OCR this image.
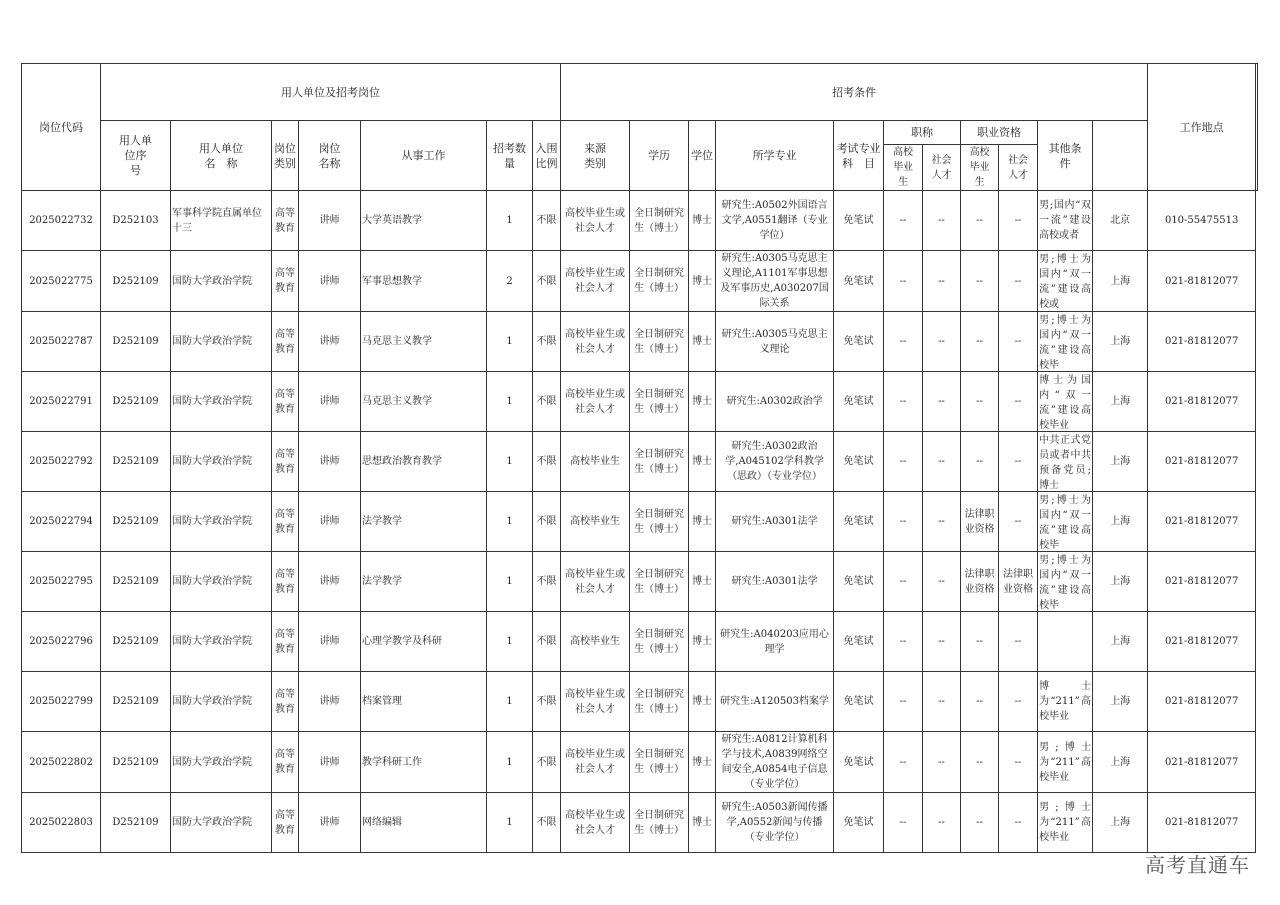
岗位代码	用人单位及招考岗位							招考条件											工作地点	
	用人单位序　号	用人单位名　称	岗位类别	岗位名称	从事工作	招考数量	入围比例	来源类别	学历	学位	所学专业	考试专业科　目	职称		职业资格		其他条件			
													高校毕业生	社会人才	高校毕业生	社会人才				
2025022732	D252103	军事科学院直属单位十三	高等教育	讲师	大学英语教学	1	不限	高校毕业生或社会人才	全日制研究生（博士）	博士	研究生:A0502外国语言文学,A0551翻译（专业学位）	免笔试	--	--	--	--	男;国内“双一流”建设高校或者	北京	010-55475513	
2025022775	D252109	国防大学政治学院	高等教育	讲师	军事思想教学	2	不限	高校毕业生或社会人才	全日制研究生（博士）	博士	研究生:A0305马克思主义理论,A1101军事思想及军事历史,A030207国际关系	免笔试	--	--	--	--	男;博士为国内“双一流”建设高校或	上海	021-81812077	
2025022787	D252109	国防大学政治学院	高等教育	讲师	马克思主义教学	1	不限	高校毕业生或社会人才	全日制研究生（博士）	博士	研究生:A0305马克思主义理论	免笔试	--	--	--	--	男;博士为国内“双一流”建设高校毕	上海	021-81812077	
2025022791	D252109	国防大学政治学院	高等教育	讲师	马克思主义教学	1	不限	高校毕业生或社会人才	全日制研究生（博士）	博士	研究生:A0302政治学	免笔试	--	--	--	--	博士为国内“双一流”建设高校毕业	上海	021-81812077	
2025022792	D252109	国防大学政治学院	高等教育	讲师	思想政治教育教学	1	不限	高校毕业生	全日制研究生（博士）	博士	研究生:A0302政治学,A045102学科教学（思政）（专业学位）	免笔试	--	--	--	--	中共正式党员或者中共预备党员;博士	上海	021-81812077	
2025022794	D252109	国防大学政治学院	高等教育	讲师	法学教学	1	不限	高校毕业生	全日制研究生（博士）	博士	研究生:A0301法学	免笔试	--	--	法律职业资格	--	男;博士为国内“双一流”建设高校毕	上海	021-81812077	
2025022795	D252109	国防大学政治学院	高等教育	讲师	法学教学	1	不限	高校毕业生或社会人才	全日制研究生（博士）	博士	研究生:A0301法学	免笔试	--	--	法律职业资格	法律职业资格	男;博士为国内“双一流”建设高校毕	上海	021-81812077	
2025022796	D252109	国防大学政治学院	高等教育	讲师	心理学教学及科研	1	不限	高校毕业生	全日制研究生（博士）	博士	研究生:A040203应用心理学	免笔试	--	--	--	--		上海	021-81812077	
2025022799	D252109	国防大学政治学院	高等教育	讲师	档案管理	1	不限	高校毕业生或社会人才	全日制研究生（博士）	博士	研究生:A120503档案学	免笔试	--	--	--	--	博士为“211”高校毕业	上海	021-81812077	
2025022802	D252109	国防大学政治学院	高等教育	讲师	教学科研工作	1	不限	高校毕业生或社会人才	全日制研究生（博士）	博士	研究生:A0812计算机科学与技术,A0839网络空间安全,A0854电子信息（专业学位）	免笔试	--	--	--	--	男;博士为“211”高校毕业	上海	021-81812077	
2025022803	D252109	国防大学政治学院	高等教育	讲师	网络编辑	1	不限	高校毕业生或社会人才	全日制研究生（博士）	博士	研究生:A0503新闻传播学,A0552新闻与传播（专业学位）	免笔试	--	--	--	--	男;博士为“211”高校毕业	上海	021-81812077	
高考直通车
